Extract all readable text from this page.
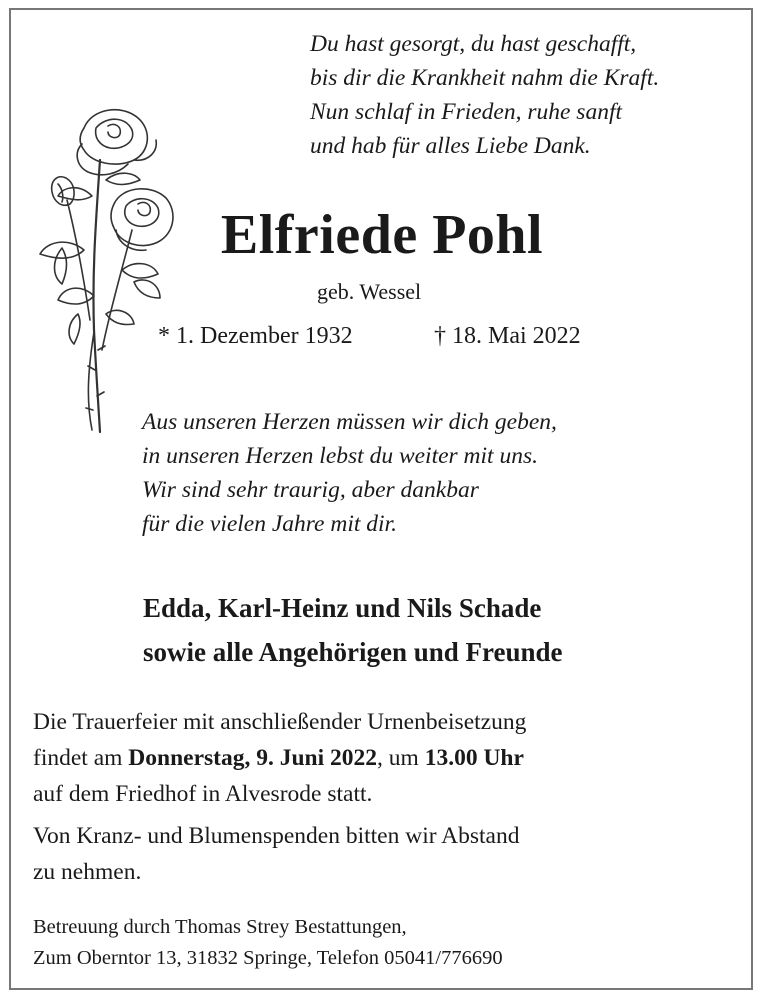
Du hast gesorgt, du hast geschafft,
bis dir die Krankheit nahm die Kraft.
Nun schlaf in Frieden, ruhe sanft
und hab für alles Liebe Dank.
Elfriede Pohl
geb. Wessel
* 1. Dezember 1932	† 18. Mai 2022
Aus unseren Herzen müssen wir dich geben,
in unseren Herzen lebst du weiter mit uns.
Wir sind sehr traurig, aber dankbar
für die vielen Jahre mit dir.
Edda, Karl-Heinz und Nils Schade
sowie alle Angehörigen und Freunde
Die Trauerfeier mit anschließender Urnenbeisetzung
findet am Donnerstag, 9. Juni 2022, um 13.00 Uhr
auf dem Friedhof in Alvesrode statt.
Von Kranz- und Blumenspenden bitten wir Abstand
zu nehmen.
Betreuung durch Thomas Strey Bestattungen,
Zum Oberntor 13, 31832 Springe, Telefon 05041/776690
